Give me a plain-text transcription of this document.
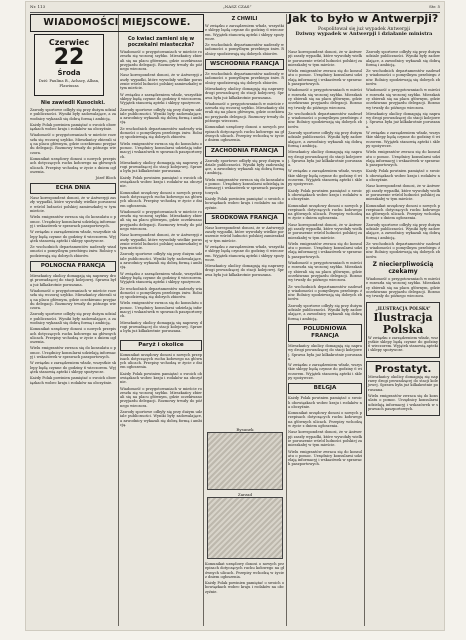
Nr. 113	„NASZ CZAS”	Str. 5
WIADOMOŚCI MIEJSCOWE.	Jak to było w Antwerpji?
Pospolitował się już wypadek Antwerpji
Dziwny wypadek w Antwerpji i działanie ministra
Czerwiec
22
Środa
Dziś: Paulina B., Achacy, Alban, Flawiusza
Nie zawiedli Kusociski.

Zawody sportowe odbyły się przy dużym udziale publiczności. Wyniki były zadowalające, a zawodnicy wykazali się dobrą formą i ambicją.

Każdy Polak powinien pamiętać o swoich obowiązkach wobec kraju i rodaków na obczyźnie.

Wiadomość o przygotowaniach w mieście rozeszła się wczoraj szybko. Mieszkańcy zbierali się na placu głównym, gdzie oczekiwano przyjazdu delegacji. Rozmowy trwały do późnego wieczora.

Komunikat urzędowy donosi o nowych przepisach dotyczących ruchu kołowego na głównych ulicach. Przepisy wchodzą w życie z dniem ogłoszenia.

Józef Bloch
ECHA DNIA

Nasz korespondent donosi, że w Antwerpji zaszły wypadki, które wywołały wielkie poruszenie wśród ludności polskiej zamieszkałej w tym mieście.

Wielu emigrantów zwraca się do konsulatu o pomoc. Urzędnicy konsularni udzielają informacyj i wskazówek w sprawach paszportowych.

W związku z zarządzeniem władz, wszystkie sklepy będą czynne do godziny 6 wieczorem. Wyjątek stanowią apteki i sklepy spożywcze.

Ze wschodnich departamentów nadeszły wiadomości o pomyślnym przebiegu żniw. Rolnicy spodziewają się dobrych zbiorów.

POLNOCNA FRANCJA

Mieszkańcy okolicy domagają się naprawy drogi prowadzącej do stacji kolejowej. Sprawa była już kilkakrotnie poruszana.

Wiadomość o przygotowaniach w mieście rozeszła się wczoraj szybko. Mieszkańcy zbierali się na placu głównym, gdzie oczekiwano przyjazdu delegacji. Rozmowy trwały do późnego wieczora.

Zawody sportowe odbyły się przy dużym udziale publiczności. Wyniki były zadowalające, a zawodnicy wykazali się dobrą formą i ambicją.

Komunikat urzędowy donosi o nowych przepisach dotyczących ruchu kołowego na głównych ulicach. Przepisy wchodzą w życie z dniem ogłoszenia.

Wielu emigrantów zwraca się do konsulatu o pomoc. Urzędnicy konsularni udzielają informacyj i wskazówek w sprawach paszportowych.

W związku z zarządzeniem władz, wszystkie sklepy będą czynne do godziny 6 wieczorem. Wyjątek stanowią apteki i sklepy spożywcze.

Każdy Polak powinien pamiętać o swoich obowiązkach wobec kraju i rodaków na obczyźnie.

Co kwiaci zamieni się w poczekalni miasteczka?

Wiadomość o przygotowaniach w mieście rozeszła się wczoraj szybko. Mieszkańcy zbierali się na placu głównym, gdzie oczekiwano przyjazdu delegacji. Rozmowy trwały do późnego wieczora.

Nasz korespondent donosi, że w Antwerpji zaszły wypadki, które wywołały wielkie poruszenie wśród ludności polskiej zamieszkałej w tym mieście.

W związku z zarządzeniem władz, wszystkie sklepy będą czynne do godziny 6 wieczorem. Wyjątek stanowią apteki i sklepy spożywcze.

Zawody sportowe odbyły się przy dużym udziale publiczności. Wyniki były zadowalające, a zawodnicy wykazali się dobrą formą i ambicją.

Ze wschodnich departamentów nadeszły wiadomości o pomyślnym przebiegu żniw. Rolnicy spodziewają się dobrych zbiorów.

Wielu emigrantów zwraca się do konsulatu o pomoc. Urzędnicy konsularni udzielają informacyj i wskazówek w sprawach paszportowych.

Mieszkańcy okolicy domagają się naprawy drogi prowadzącej do stacji kolejowej. Sprawa była już kilkakrotnie poruszana.

Każdy Polak powinien pamiętać o swoich obowiązkach wobec kraju i rodaków na obczyźnie.

Komunikat urzędowy donosi o nowych przepisach dotyczących ruchu kołowego na głównych ulicach. Przepisy wchodzą w życie z dniem ogłoszenia.

Wiadomość o przygotowaniach w mieście rozeszła się wczoraj szybko. Mieszkańcy zbierali się na placu głównym, gdzie oczekiwano przyjazdu delegacji. Rozmowy trwały do późnego wieczora.

Nasz korespondent donosi, że w Antwerpji zaszły wypadki, które wywołały wielkie poruszenie wśród ludności polskiej zamieszkałej w tym mieście.

Zawody sportowe odbyły się przy dużym udziale publiczności. Wyniki były zadowalające, a zawodnicy wykazali się dobrą formą i ambicją.

W związku z zarządzeniem władz, wszystkie sklepy będą czynne do godziny 6 wieczorem. Wyjątek stanowią apteki i sklepy spożywcze.

Ze wschodnich departamentów nadeszły wiadomości o pomyślnym przebiegu żniw. Rolnicy spodziewają się dobrych zbiorów.

Wielu emigrantów zwraca się do konsulatu o pomoc. Urzędnicy konsularni udzielają informacyj i wskazówek w sprawach paszportowych.

Mieszkańcy okolicy domagają się naprawy drogi prowadzącej do stacji kolejowej. Sprawa była już kilkakrotnie poruszana.

Paryż i okolice

Komunikat urzędowy donosi o nowych przepisach dotyczących ruchu kołowego na głównych ulicach. Przepisy wchodzą w życie z dniem ogłoszenia.

Każdy Polak powinien pamiętać o swoich obowiązkach wobec kraju i rodaków na obczyźnie.

Wiadomość o przygotowaniach w mieście rozeszła się wczoraj szybko. Mieszkańcy zbierali się na placu głównym, gdzie oczekiwano przyjazdu delegacji. Rozmowy trwały do późnego wieczora.

Zawody sportowe odbyły się przy dużym udziale publiczności. Wyniki były zadowalające, a zawodnicy wykazali się dobrą formą i ambicją.

Z CHWILI

W związku z zarządzeniem władz, wszystkie sklepy będą czynne do godziny 6 wieczorem. Wyjątek stanowią apteki i sklepy spożywcze.

Ze wschodnich departamentów nadeszły wiadomości o pomyślnym przebiegu żniw. Rolnicy spodziewają się dobrych zbiorów.

WSCHODNIA FRANCJA

Ze wschodnich departamentów nadeszły wiadomości o pomyślnym przebiegu żniw. Rolnicy spodziewają się dobrych zbiorów.

Mieszkańcy okolicy domagają się naprawy drogi prowadzącej do stacji kolejowej. Sprawa była już kilkakrotnie poruszana.

Wiadomość o przygotowaniach w mieście rozeszła się wczoraj szybko. Mieszkańcy zbierali się na placu głównym, gdzie oczekiwano przyjazdu delegacji. Rozmowy trwały do późnego wieczora.

Komunikat urzędowy donosi o nowych przepisach dotyczących ruchu kołowego na głównych ulicach. Przepisy wchodzą w życie z dniem ogłoszenia.

ZACHODNIA FRANCJA

Zawody sportowe odbyły się przy dużym udziale publiczności. Wyniki były zadowalające, a zawodnicy wykazali się dobrą formą i ambicją.

Wielu emigrantów zwraca się do konsulatu o pomoc. Urzędnicy konsularni udzielają informacyj i wskazówek w sprawach paszportowych.

Każdy Polak powinien pamiętać o swoich obowiązkach wobec kraju i rodaków na obczyźnie.

SRODKOWA FRANCJA

Nasz korespondent donosi, że w Antwerpji zaszły wypadki, które wywołały wielkie poruszenie wśród ludności polskiej zamieszkałej w tym mieście.

W związku z zarządzeniem władz, wszystkie sklepy będą czynne do godziny 6 wieczorem. Wyjątek stanowią apteki i sklepy spożywcze.

Mieszkańcy okolicy domagają się naprawy drogi prowadzącej do stacji kolejowej. Sprawa była już kilkakrotnie poruszana.

Rysunek
Zarzad

Komunikat urzędowy donosi o nowych przepisach dotyczących ruchu kołowego na głównych ulicach. Przepisy wchodzą w życie z dniem ogłoszenia.

Każdy Polak powinien pamiętać o swoich obowiązkach wobec kraju i rodaków na obczyźnie.

Nasz korespondent donosi, że w Antwerpji zaszły wypadki, które wywołały wielkie poruszenie wśród ludności polskiej zamieszkałej w tym mieście.

Wielu emigrantów zwraca się do konsulatu o pomoc. Urzędnicy konsularni udzielają informacyj i wskazówek w sprawach paszportowych.

Wiadomość o przygotowaniach w mieście rozeszła się wczoraj szybko. Mieszkańcy zbierali się na placu głównym, gdzie oczekiwano przyjazdu delegacji. Rozmowy trwały do późnego wieczora.

Ze wschodnich departamentów nadeszły wiadomości o pomyślnym przebiegu żniw. Rolnicy spodziewają się dobrych zbiorów.

Zawody sportowe odbyły się przy dużym udziale publiczności. Wyniki były zadowalające, a zawodnicy wykazali się dobrą formą i ambicją.

Mieszkańcy okolicy domagają się naprawy drogi prowadzącej do stacji kolejowej. Sprawa była już kilkakrotnie poruszana.

W związku z zarządzeniem władz, wszystkie sklepy będą czynne do godziny 6 wieczorem. Wyjątek stanowią apteki i sklepy spożywcze.

Każdy Polak powinien pamiętać o swoich obowiązkach wobec kraju i rodaków na obczyźnie.

Komunikat urzędowy donosi o nowych przepisach dotyczących ruchu kołowego na głównych ulicach. Przepisy wchodzą w życie z dniem ogłoszenia.

Nasz korespondent donosi, że w Antwerpji zaszły wypadki, które wywołały wielkie poruszenie wśród ludności polskiej zamieszkałej w tym mieście.

Wielu emigrantów zwraca się do konsulatu o pomoc. Urzędnicy konsularni udzielają informacyj i wskazówek w sprawach paszportowych.

Wiadomość o przygotowaniach w mieście rozeszła się wczoraj szybko. Mieszkańcy zbierali się na placu głównym, gdzie oczekiwano przyjazdu delegacji. Rozmowy trwały do późnego wieczora.

Ze wschodnich departamentów nadeszły wiadomości o pomyślnym przebiegu żniw. Rolnicy spodziewają się dobrych zbiorów.

Zawody sportowe odbyły się przy dużym udziale publiczności. Wyniki były zadowalające, a zawodnicy wykazali się dobrą formą i ambicją.

POLUDNIOWA FRANCJA

Mieszkańcy okolicy domagają się naprawy drogi prowadzącej do stacji kolejowej. Sprawa była już kilkakrotnie poruszana.

W związku z zarządzeniem władz, wszystkie sklepy będą czynne do godziny 6 wieczorem. Wyjątek stanowią apteki i sklepy spożywcze.

BELGJA

Każdy Polak powinien pamiętać o swoich obowiązkach wobec kraju i rodaków na obczyźnie.

Komunikat urzędowy donosi o nowych przepisach dotyczących ruchu kołowego na głównych ulicach. Przepisy wchodzą w życie z dniem ogłoszenia.

Nasz korespondent donosi, że w Antwerpji zaszły wypadki, które wywołały wielkie poruszenie wśród ludności polskiej zamieszkałej w tym mieście.

Wielu emigrantów zwraca się do konsulatu o pomoc. Urzędnicy konsularni udzielają informacyj i wskazówek w sprawach paszportowych.

Zawody sportowe odbyły się przy dużym udziale publiczności. Wyniki były zadowalające, a zawodnicy wykazali się dobrą formą i ambicją.

Ze wschodnich departamentów nadeszły wiadomości o pomyślnym przebiegu żniw. Rolnicy spodziewają się dobrych zbiorów.

Wiadomość o przygotowaniach w mieście rozeszła się wczoraj szybko. Mieszkańcy zbierali się na placu głównym, gdzie oczekiwano przyjazdu delegacji. Rozmowy trwały do późnego wieczora.

Mieszkańcy okolicy domagają się naprawy drogi prowadzącej do stacji kolejowej. Sprawa była już kilkakrotnie poruszana.

W związku z zarządzeniem władz, wszystkie sklepy będą czynne do godziny 6 wieczorem. Wyjątek stanowią apteki i sklepy spożywcze.

Wielu emigrantów zwraca się do konsulatu o pomoc. Urzędnicy konsularni udzielają informacyj i wskazówek w sprawach paszportowych.

Każdy Polak powinien pamiętać o swoich obowiązkach wobec kraju i rodaków na obczyźnie.

Nasz korespondent donosi, że w Antwerpji zaszły wypadki, które wywołały wielkie poruszenie wśród ludności polskiej zamieszkałej w tym mieście.

Komunikat urzędowy donosi o nowych przepisach dotyczących ruchu kołowego na głównych ulicach. Przepisy wchodzą w życie z dniem ogłoszenia.

Zawody sportowe odbyły się przy dużym udziale publiczności. Wyniki były zadowalające, a zawodnicy wykazali się dobrą formą i ambicją.

Ze wschodnich departamentów nadeszły wiadomości o pomyślnym przebiegu żniw. Rolnicy spodziewają się dobrych zbiorów.

Z niecierpliwością czekamy

Wiadomość o przygotowaniach w mieście rozeszła się wczoraj szybko. Mieszkańcy zbierali się na placu głównym, gdzie oczekiwano przyjazdu delegacji. Rozmowy trwały do późnego wieczora.

„ILUSTRACJA POLSKA”
Ilustracja Polska

W związku z zarządzeniem władz, wszystkie sklepy będą czynne do godziny 6 wieczorem. Wyjątek stanowią apteki i sklepy spożywcze.

Prostatyt.

Mieszkańcy okolicy domagają się naprawy drogi prowadzącej do stacji kolejowej. Sprawa była już kilkakrotnie poruszana.

Wielu emigrantów zwraca się do konsulatu o pomoc. Urzędnicy konsularni udzielają informacyj i wskazówek w sprawach paszportowych.
